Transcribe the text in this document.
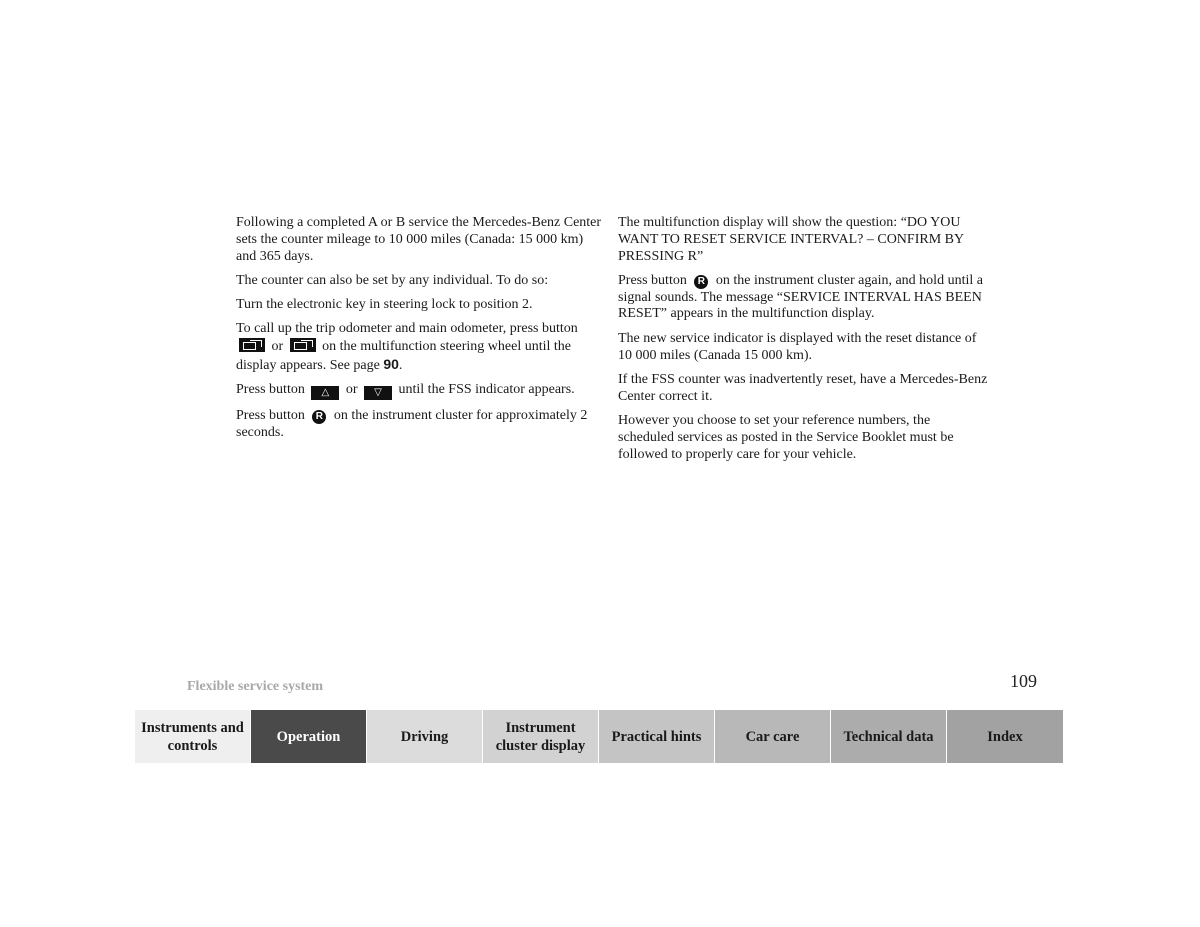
Following a completed A or B service the Mercedes-Benz Center sets the counter mileage to 10 000 miles (Canada: 15 000 km) and 365 days.

The counter can also be set by any individual. To do so:

Turn the electronic key in steering lock to position 2.

To call up the trip odometer and main odometer, press button
or	on the multifunction steering wheel until the display appears. See page 90.

Press button △ or ▽ until the FSS indicator appears.

Press button R on the instrument cluster for approximately 2 seconds.

The multifunction display will show the question: “DO YOU WANT TO RESET SERVICE INTERVAL? – CONFIRM BY PRESSING R”

Press button R on the instrument cluster again, and hold until a signal sounds. The message “SERVICE INTERVAL HAS BEEN RESET” appears in the multifunction display.

The new service indicator is displayed with the reset distance of 10 000 miles (Canada 15 000 km).

If the FSS counter was inadvertently reset, have a Mercedes-Benz Center correct it.

However you choose to set your reference numbers, the scheduled services as posted in the Service Booklet must be followed to properly care for your vehicle.

Flexible service system	109
Instruments and controls
Operation	Driving
Instrument cluster display
Practical hints	Car care	Technical data	Index
